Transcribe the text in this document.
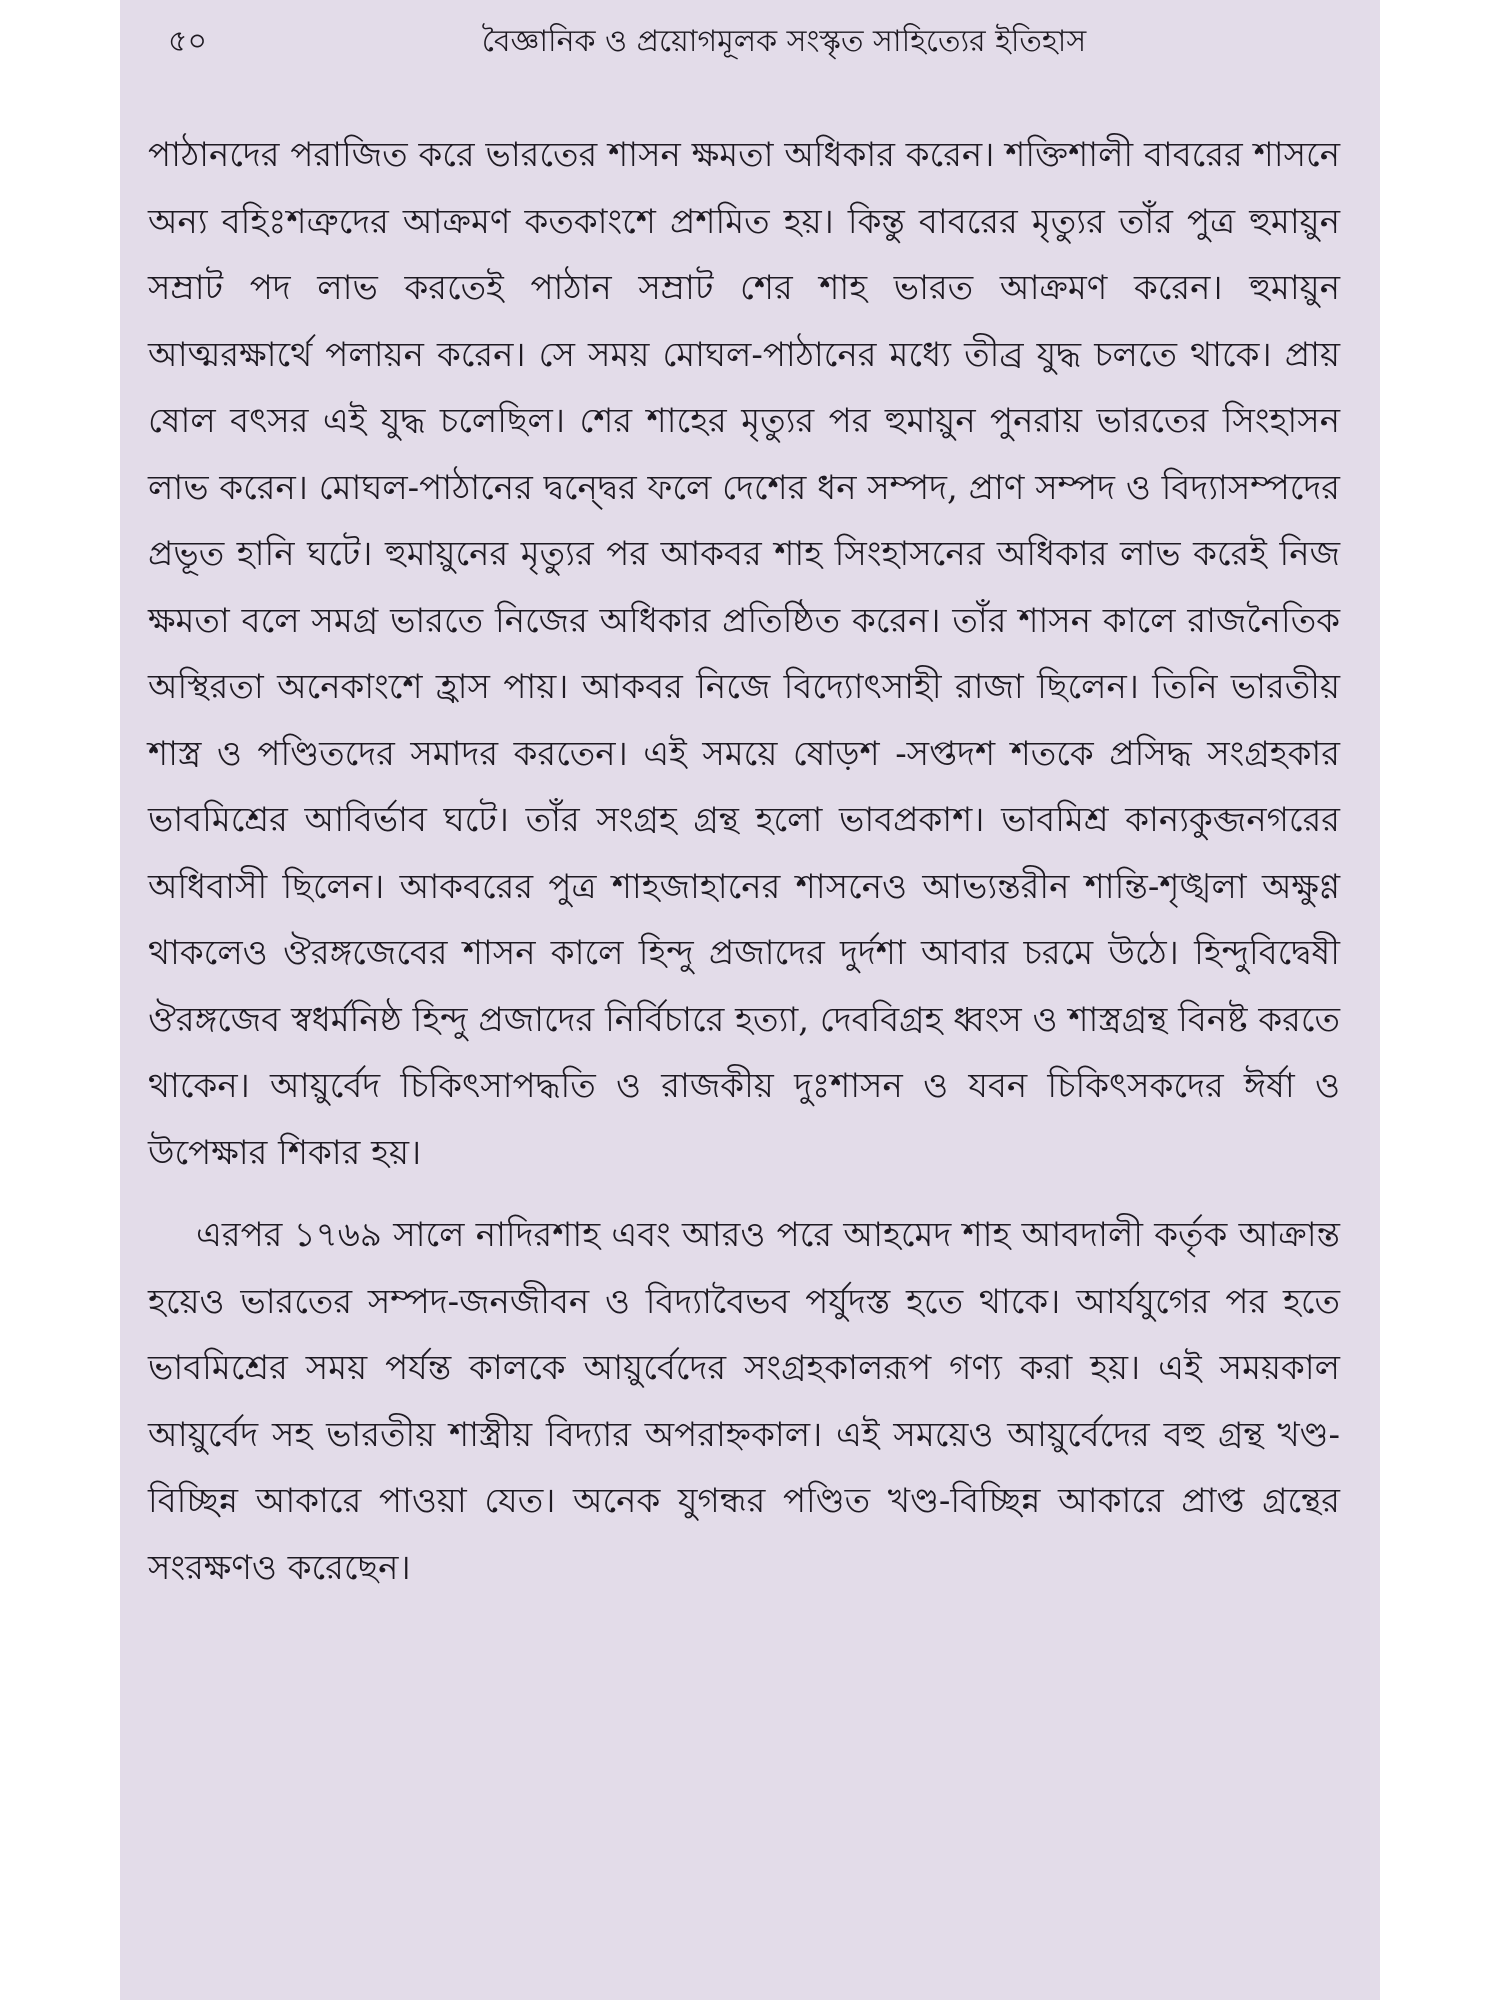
৫০	বৈজ্ঞানিক ও প্রয়োগমূলক সংস্কৃত সাহিত্যের ইতিহাস

পাঠানদের পরাজিত করে ভারতের শাসন ক্ষমতা অধিকার করেন। শক্তিশালী বাবরের শাসনে অন্য বহিঃশত্রুদের আক্রমণ কতকাংশে প্রশমিত হয়। কিন্তু বাবরের মৃত্যুর তাঁর পুত্র হুমায়ুন সম্রাট পদ লাভ করতেই পাঠান সম্রাট শের শাহ ভারত আক্রমণ করেন। হুমায়ুন আত্মরক্ষার্থে পলায়ন করেন। সে সময় মোঘল-পাঠানের মধ্যে তীব্র যুদ্ধ চলতে থাকে। প্রায় ষোল বৎসর এই যুদ্ধ চলেছিল। শের শাহের মৃত্যুর পর হুমায়ুন পুনরায় ভারতের সিংহাসন লাভ করেন। মোঘল-পাঠানের দ্বন্দ্বের ফলে দেশের ধন সম্পদ, প্রাণ সম্পদ ও বিদ্যাসম্পদের প্রভূত হানি ঘটে। হুমায়ুনের মৃত্যুর পর আকবর শাহ সিংহাসনের অধিকার লাভ করেই নিজ ক্ষমতা বলে সমগ্র ভারতে নিজের অধিকার প্রতিষ্ঠিত করেন। তাঁর শাসন কালে রাজনৈতিক অস্থিরতা অনেকাংশে হ্রাস পায়। আকবর নিজে বিদ্যোৎসাহী রাজা ছিলেন। তিনি ভারতীয় শাস্ত্র ও পণ্ডিতদের সমাদর করতেন। এই সময়ে ষোড়শ -সপ্তদশ শতকে প্রসিদ্ধ সংগ্রহকার ভাবমিশ্রের আবির্ভাব ঘটে। তাঁর সংগ্রহ গ্রন্থ হলো ভাবপ্রকাশ। ভাবমিশ্র কান্যকুব্জনগরের অধিবাসী ছিলেন। আকবরের পুত্র শাহজাহানের শাসনেও আভ্যন্তরীন শান্তি-শৃঙ্খলা অক্ষুণ্ণ থাকলেও ঔরঙ্গজেবের শাসন কালে হিন্দু প্রজাদের দুর্দশা আবার চরমে উঠে। হিন্দুবিদ্বেষী ঔরঙ্গজেব স্বধর্মনিষ্ঠ হিন্দু প্রজাদের নির্বিচারে হত্যা, দেববিগ্রহ ধ্বংস ও শাস্ত্রগ্রন্থ বিনষ্ট করতে থাকেন। আয়ুর্বেদ চিকিৎসাপদ্ধতি ও রাজকীয় দুঃশাসন ও যবন চিকিৎসকদের ঈর্ষা ও উপেক্ষার শিকার হয়।

এরপর ১৭৬৯ সালে নাদিরশাহ এবং আরও পরে আহমেদ শাহ আবদালী কর্তৃক আক্রান্ত হয়েও ভারতের সম্পদ-জনজীবন ও বিদ্যাবৈভব পর্যুদস্ত হতে থাকে। আর্যযুগের পর হতে ভাবমিশ্রের সময় পর্যন্ত কালকে আয়ুর্বেদের সংগ্রহকালরূপ গণ্য করা হয়। এই সময়কাল আয়ুর্বেদ সহ ভারতীয় শাস্ত্রীয় বিদ্যার অপরাহ্নকাল। এই সময়েও আয়ুর্বেদের বহু গ্রন্থ খণ্ড-বিচ্ছিন্ন আকারে পাওয়া যেত। অনেক যুগন্ধর পণ্ডিত খণ্ড-বিচ্ছিন্ন আকারে প্রাপ্ত গ্রন্থের সংরক্ষণও করেছেন।
